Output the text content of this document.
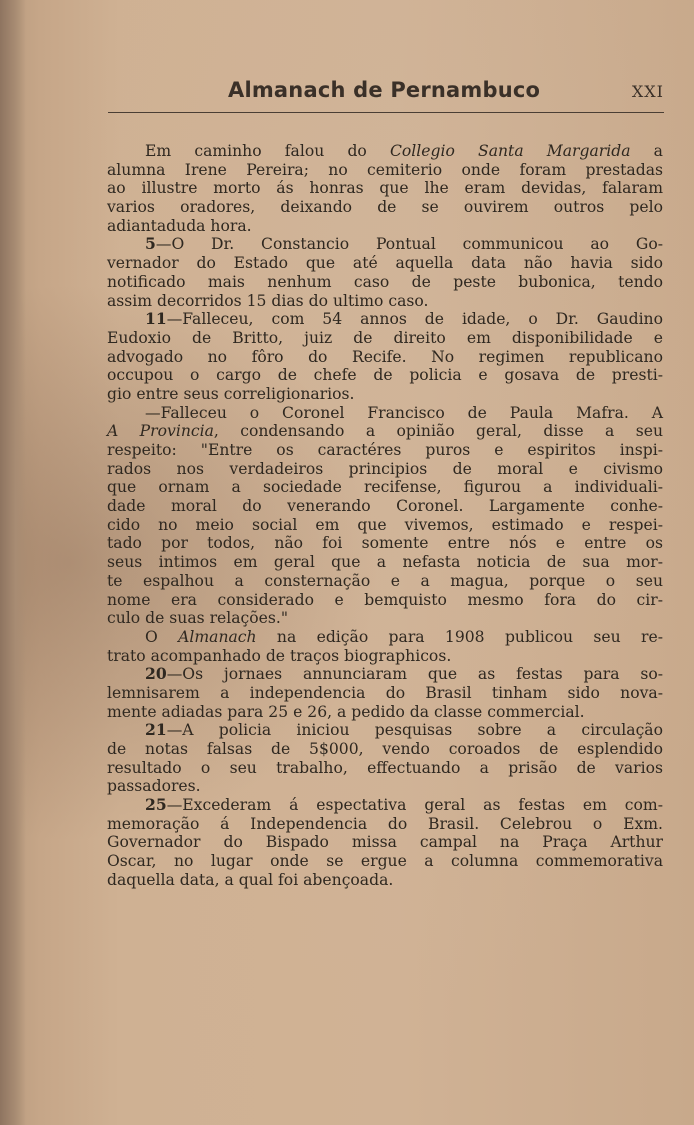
Almanach de Pernambuco	XXI
Em caminho falou do Collegio Santa Margarida a
alumna Irene Pereira; no cemiterio onde foram prestadas
ao illustre morto ás honras que lhe eram devidas, falaram
varios oradores, deixando de se ouvirem outros pelo
adiantaduda hora.
5—O Dr. Constancio Pontual communicou ao Go-
vernador do Estado que até aquella data não havia sido
notificado mais nenhum caso de peste bubonica, tendo
assim decorridos 15 dias do ultimo caso.
11—Falleceu, com 54 annos de idade, o Dr. Gaudino
Eudoxio de Britto, juiz de direito em disponibilidade e
advogado no fôro do Recife. No regimen republicano
occupou o cargo de chefe de policia e gosava de presti-
gio entre seus correligionarios.
—Falleceu o Coronel Francisco de Paula Mafra. A
A Provincia, condensando a opinião geral, disse a seu
respeito: "Entre os caractéres puros e espiritos inspi-
rados nos verdadeiros principios de moral e civismo
que ornam a sociedade recifense, figurou a individuali-
dade moral do venerando Coronel. Largamente conhe-
cido no meio social em que vivemos, estimado e respei-
tado por todos, não foi somente entre nós e entre os
seus intimos em geral que a nefasta noticia de sua mor-
te espalhou a consternação e a magua, porque o seu
nome era considerado e bemquisto mesmo fora do cir-
culo de suas relações."
O Almanach na edição para 1908 publicou seu re-
trato acompanhado de traços biographicos.
20—Os jornaes annunciaram que as festas para so-
lemnisarem a independencia do Brasil tinham sido nova-
mente adiadas para 25 e 26, a pedido da classe commercial.
21—A policia iniciou pesquisas sobre a circulação
de notas falsas de 5$000, vendo coroados de esplendido
resultado o seu trabalho, effectuando a prisão de varios
passadores.
25—Excederam á espectativa geral as festas em com-
memoração á Independencia do Brasil. Celebrou o Exm.
Governador do Bispado missa campal na Praça Arthur
Oscar, no lugar onde se ergue a columna commemorativa
daquella data, a qual foi abençoada.
